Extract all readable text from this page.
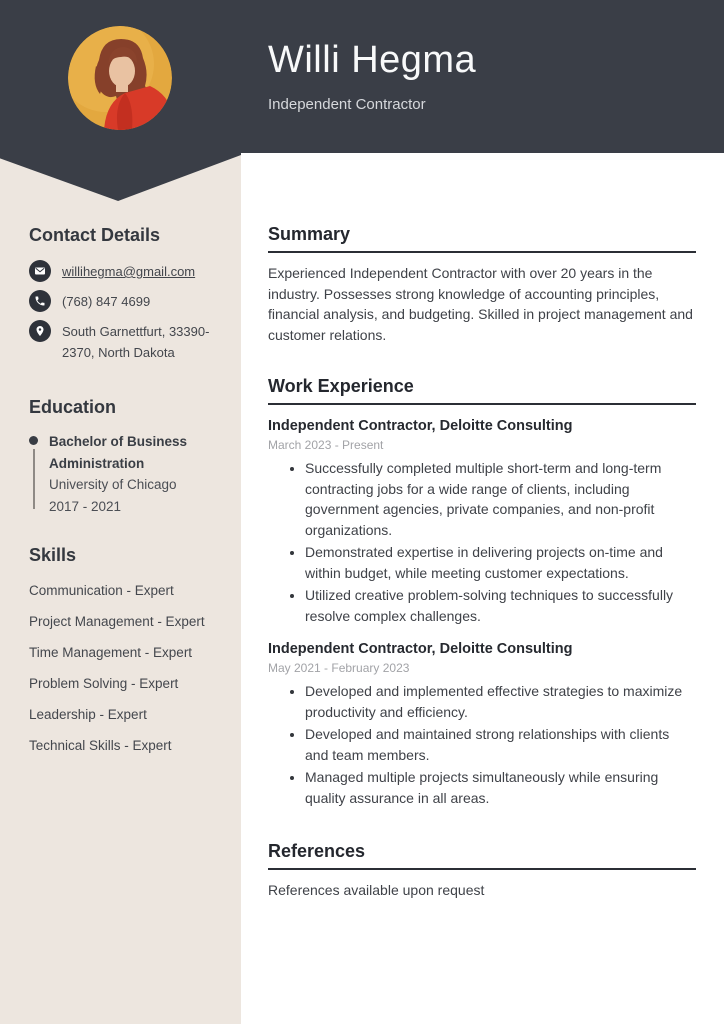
Willi Hegma
Independent Contractor
Contact Details
willihegma@gmail.com
(768) 847 4699
South Garnettfurt, 33390-2370, North Dakota
Education
Bachelor of Business Administration
University of Chicago
2017 - 2021
Skills
Communication - Expert
Project Management - Expert
Time Management - Expert
Problem Solving - Expert
Leadership - Expert
Technical Skills - Expert
Summary

Experienced Independent Contractor with over 20 years in the industry. Possesses strong knowledge of accounting principles, financial analysis, and budgeting. Skilled in project management and customer relations.

Work Experience
Independent Contractor, Deloitte Consulting
March 2023 - Present
• Successfully completed multiple short-term and long-term contracting jobs for a wide range of clients, including government agencies, private companies, and non-profit organizations.
• Demonstrated expertise in delivering projects on-time and within budget, while meeting customer expectations.
• Utilized creative problem-solving techniques to successfully resolve complex challenges.
Independent Contractor, Deloitte Consulting
May 2021 - February 2023
• Developed and implemented effective strategies to maximize productivity and efficiency.
• Developed and maintained strong relationships with clients and team members.
• Managed multiple projects simultaneously while ensuring quality assurance in all areas.
References

References available upon request
